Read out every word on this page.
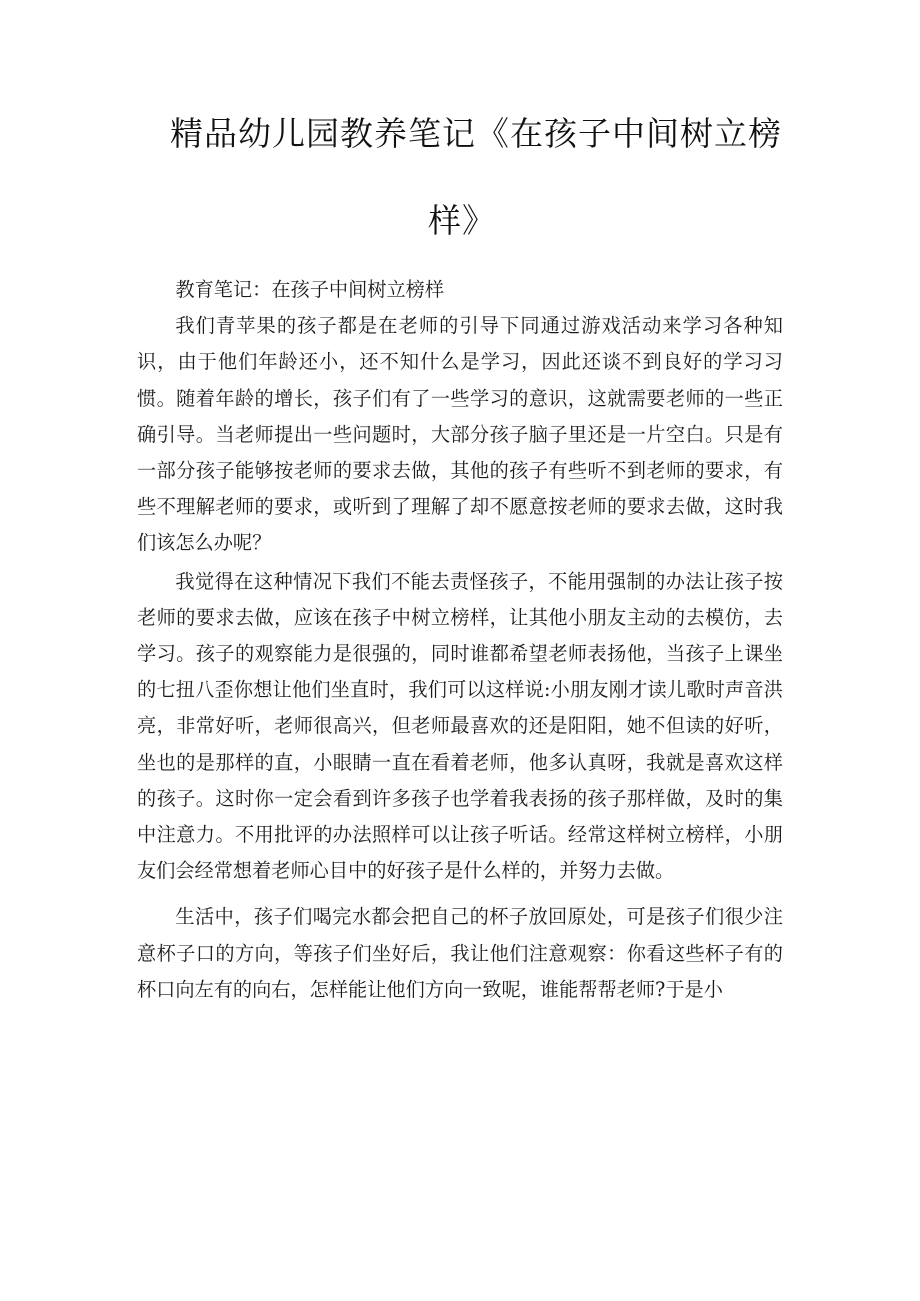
精品幼儿园教养笔记《在孩子中间树立榜
样》

教育笔记：在孩子中间树立榜样

我们青苹果的孩子都是在老师的引导下同通过游戏活动来学习各种知识，由于他们年龄还小，还不知什么是学习，因此还谈不到良好的学习习惯。随着年龄的增长，孩子们有了一些学习的意识，这就需要老师的一些正确引导。当老师提出一些问题时，大部分孩子脑子里还是一片空白。只是有一部分孩子能够按老师的要求去做，其他的孩子有些听不到老师的要求，有些不理解老师的要求，或听到了理解了却不愿意按老师的要求去做，这时我们该怎么办呢？

我觉得在这种情况下我们不能去责怪孩子，不能用强制的办法让孩子按老师的要求去做，应该在孩子中树立榜样，让其他小朋友主动的去模仿，去学习。孩子的观察能力是很强的，同时谁都希望老师表扬他，当孩子上课坐的七扭八歪你想让他们坐直时，我们可以这样说:小朋友刚才读儿歌时声音洪亮，非常好听，老师很高兴，但老师最喜欢的还是阳阳，她不但读的好听，坐也的是那样的直，小眼睛一直在看着老师，他多认真呀，我就是喜欢这样的孩子。这时你一定会看到许多孩子也学着我表扬的孩子那样做，及时的集中注意力。不用批评的办法照样可以让孩子听话。经常这样树立榜样，小朋友们会经常想着老师心目中的好孩子是什么样的，并努力去做。

生活中，孩子们喝完水都会把自己的杯子放回原处，可是孩子们很少注意杯子口的方向，等孩子们坐好后，我让他们注意观察：你看这些杯子有的杯口向左有的向右，怎样能让他们方向一致呢，谁能帮帮老师?于是小
